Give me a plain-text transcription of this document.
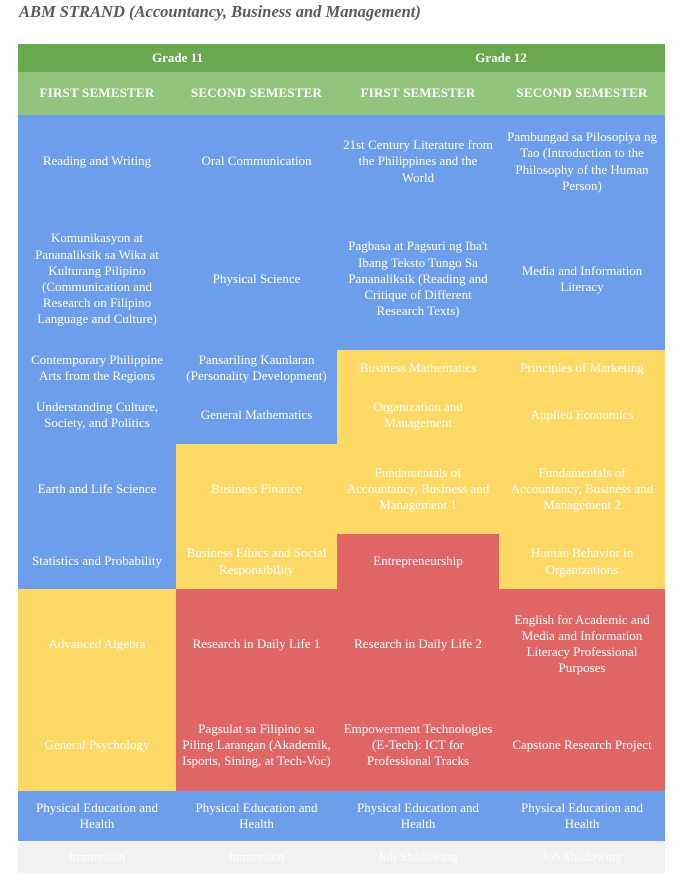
ABM STRAND (Accountancy, Business and Management)
Grade 11		Grade 12	
FIRST SEMESTER	SECOND SEMESTER	FIRST SEMESTER	SECOND SEMESTER
Reading and Writing	Oral Communication	21st Century Literature from the Philippines and the World	Pambungad sa Pilosopiya ng Tao (Introduction to the Philosophy of the Human Person)
Komunikasyon at Pananaliksik sa Wika at Kulturang Pilipino (Communication and Research on Filipino Language and Culture)	Physical Science	Pagbasa at Pagsuri ng Iba't Ibang Teksto Tungo Sa Pananaliksik (Reading and Critique of Different Research Texts)	Media and Information Literacy
Contemporary Philippine Arts from the Regions	Pansariling Kaunlaran (Personality Development)	Business Mathematics	Principles of Marketing
Understanding Culture, Society, and Politics	General Mathematics	Organization and Management	Applied Economics
Earth and Life Science	Business Finance	Fundamentals of Accountancy, Business and Management 1	Fundamentals of Accountancy, Business and Management 2
Statistics and Probability	Business Ethics and Social Responsibility	Entrepreneurship	Human Behavior in Organizations
Advanced Algebra	Research in Daily Life 1	Research in Daily Life 2	English for Academic and Media and Information Literacy Professional Purposes
General Psychology	Pagsulat sa Filipino sa Piling Larangan (Akademik, Isports, Sining, at Tech-Voc)	Empowerment Technologies (E-Tech): ICT for Professional Tracks	Capstone Research Project
Physical Education and Health	Physical Education and Health	Physical Education and Health	Physical Education and Health
Immersion	Immersion	Job Shadowing	Job Shadowing
